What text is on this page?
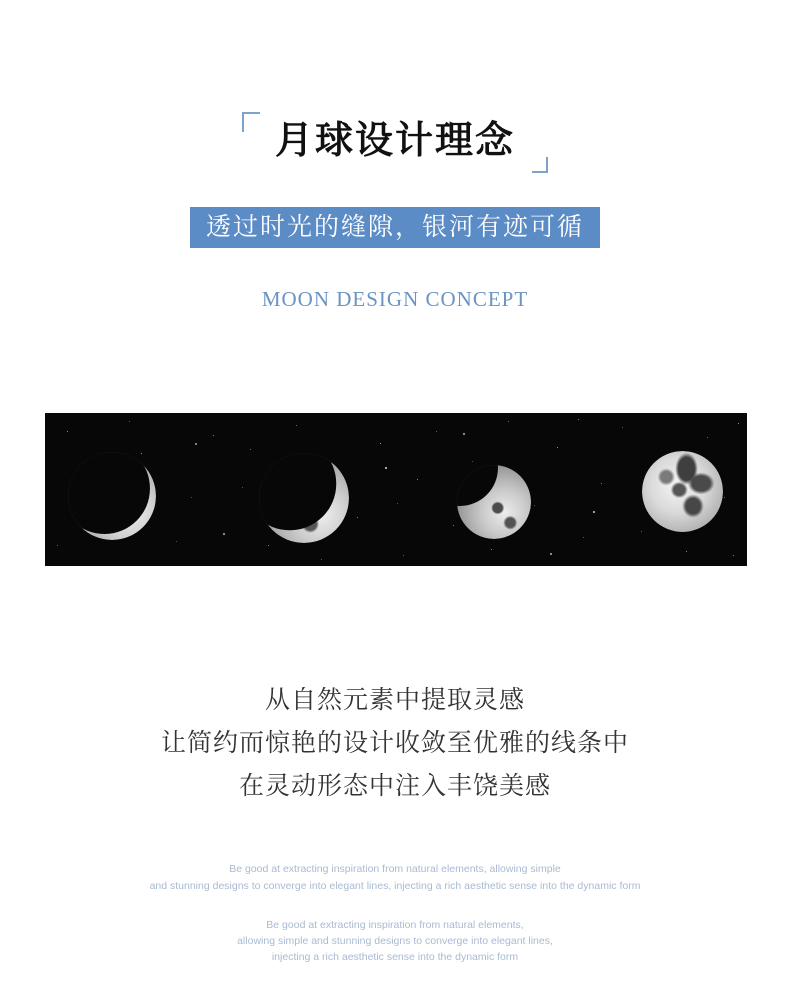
月球设计理念
透过时光的缝隙，银河有迹可循
MOON DESIGN CONCEPT
从自然元素中提取灵感
让简约而惊艳的设计收敛至优雅的线条中
在灵动形态中注入丰饶美感
Be good at extracting inspiration from natural elements, allowing simple
and stunning designs to converge into elegant lines, injecting a rich aesthetic sense into the dynamic form
Be good at extracting inspiration from natural elements,
allowing simple and stunning designs to converge into elegant lines,
injecting a rich aesthetic sense into the dynamic form
